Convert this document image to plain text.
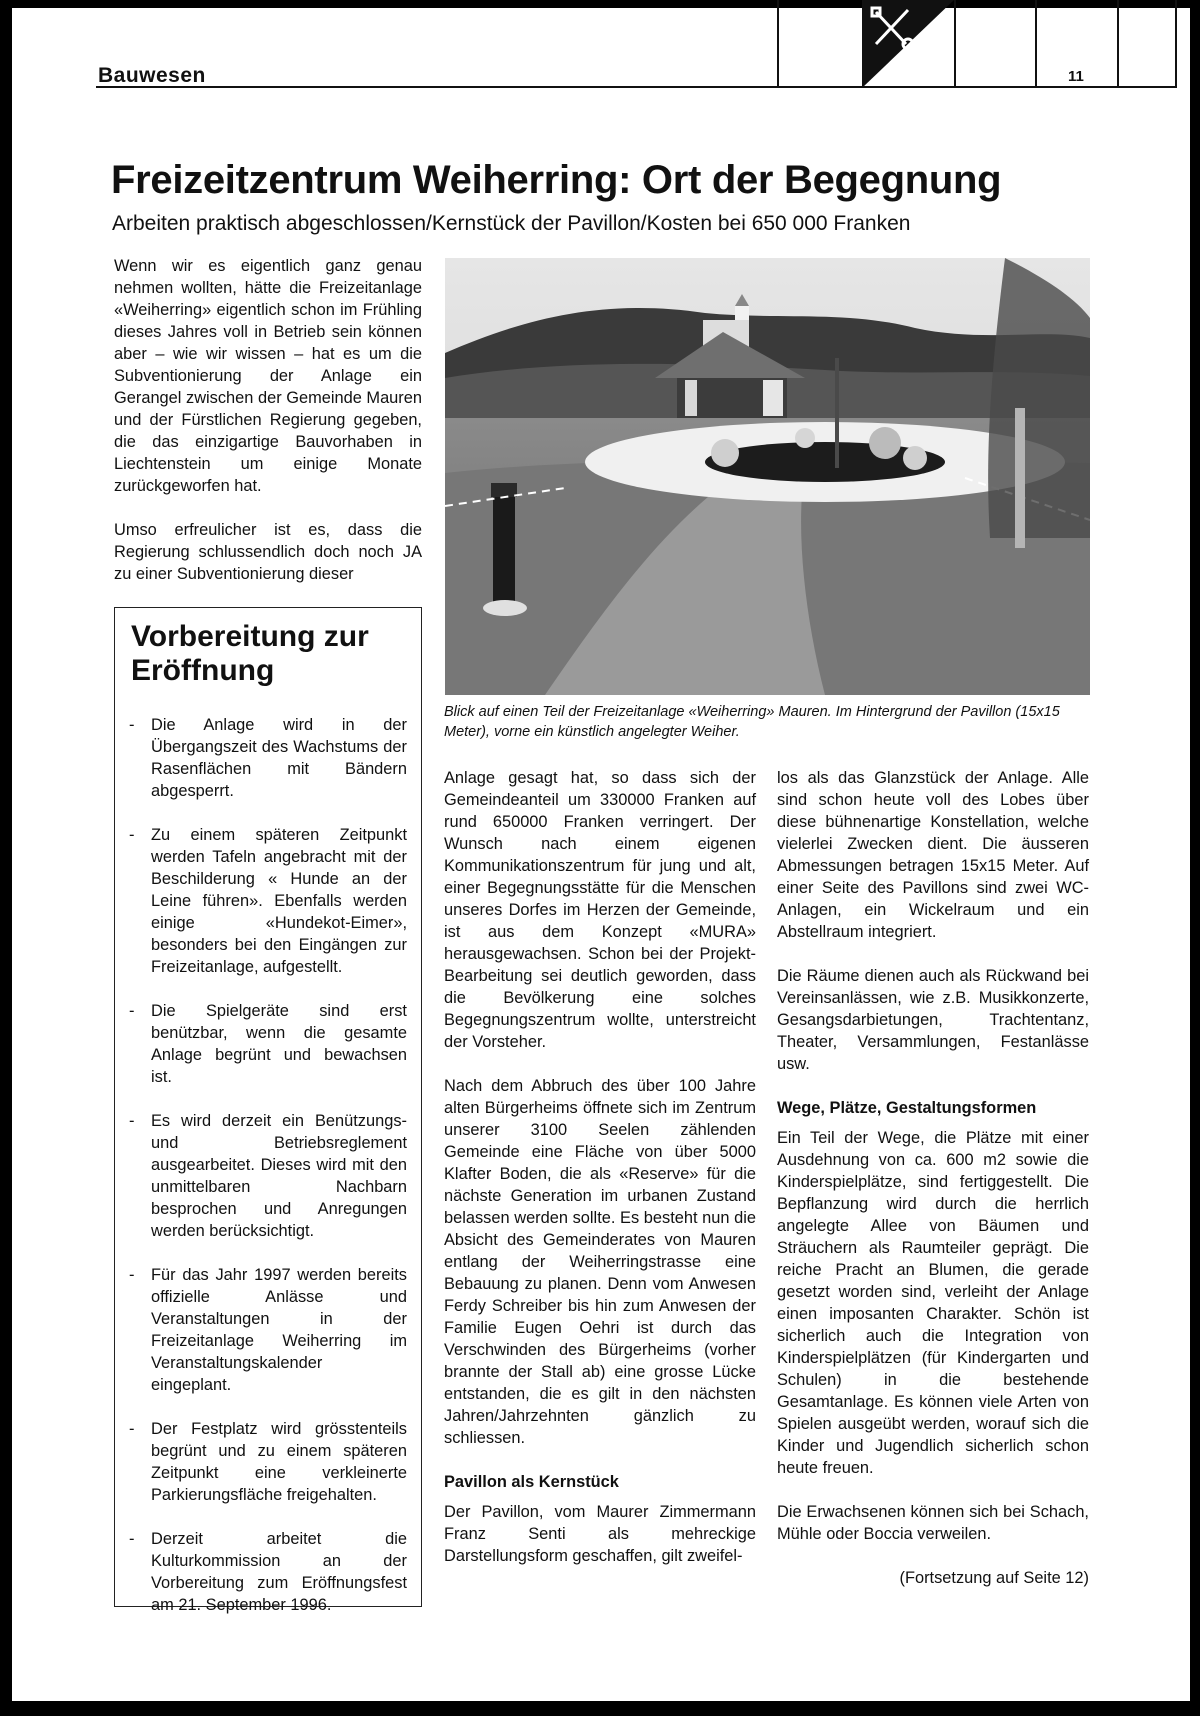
Bauwesen	11
Freizeitzentrum Weiherring: Ort der Begegnung
Arbeiten praktisch abgeschlossen/Kernstück der Pavillon/Kosten bei 650 000 Franken

Wenn wir es eigentlich ganz genau nehmen wollten, hätte die Freizeitanlage «Weiherring» eigentlich schon im Frühling dieses Jahres voll in Betrieb sein können aber – wie wir wissen – hat es um die Subventionierung der Anlage ein Gerangel zwischen der Gemeinde Mauren und der Fürstlichen Regierung gegeben, die das einzigartige Bauvorhaben in Liechtenstein um einige Monate zurückgeworfen hat.

Umso erfreulicher ist es, dass die Regierung schlussendlich doch noch JA zu einer Subventionierung dieser

Vorbereitung zur Eröffnung
- Die Anlage wird in der Übergangszeit des Wachstums der Rasenflächen mit Bändern abgesperrt.
- Zu einem späteren Zeitpunkt werden Tafeln angebracht mit der Beschilderung « Hunde an der Leine führen». Ebenfalls werden einige «Hundekot-Eimer», besonders bei den Eingängen zur Freizeitanlage, aufgestellt.
- Die Spielgeräte sind erst benützbar, wenn die gesamte Anlage begrünt und bewachsen ist.
- Es wird derzeit ein Benützungs- und Betriebsreglement ausgearbeitet. Dieses wird mit den unmittelbaren Nachbarn besprochen und Anregungen werden berücksichtigt.
- Für das Jahr 1997 werden bereits offizielle Anlässe und Veranstaltungen in der Freizeitanlage Weiherring im Veranstaltungskalender eingeplant.
- Der Festplatz wird grösstenteils begrünt und zu einem späteren Zeitpunkt eine verkleinerte Parkierungsfläche freigehalten.
- Derzeit arbeitet die Kulturkommission an der Vorbereitung zum Eröffnungsfest am 21. September 1996.
Blick auf einen Teil der Freizeitanlage «Weiherring» Mauren. Im Hintergrund der Pavillon (15x15 Meter), vorne ein künstlich angelegter Weiher.

Anlage gesagt hat, so dass sich der Gemeindeanteil um 330000 Franken auf rund 650000 Franken verringert. Der Wunsch nach einem eigenen Kommunikationszentrum für jung und alt, einer Begegnungsstätte für die Menschen unseres Dorfes im Herzen der Gemeinde, ist aus dem Konzept «MURA» herausgewachsen. Schon bei der Projekt-Bearbeitung sei deutlich geworden, dass die Bevölkerung eine solches Begegnungszentrum wollte, unterstreicht der Vorsteher.

Nach dem Abbruch des über 100 Jahre alten Bürgerheims öffnete sich im Zentrum unserer 3100 Seelen zählenden Gemeinde eine Fläche von über 5000 Klafter Boden, die als «Reserve» für die nächste Generation im urbanen Zustand belassen werden sollte. Es besteht nun die Absicht des Gemeinderates von Mauren entlang der Weiherringstrasse eine Bebauung zu planen. Denn vom Anwesen Ferdy Schreiber bis hin zum Anwesen der Familie Eugen Oehri ist durch das Verschwinden des Bürgerheims (vorher brannte der Stall ab) eine grosse Lücke entstanden, die es gilt in den nächsten Jahren/Jahrzehnten gänzlich zu schliessen.

Pavillon als Kernstück

Der Pavillon, vom Maurer Zimmermann Franz Senti als mehreckige Darstellungsform geschaffen, gilt zweifel-

los als das Glanzstück der Anlage. Alle sind schon heute voll des Lobes über diese bühnenartige Konstellation, welche vielerlei Zwecken dient. Die äusseren Abmessungen betragen 15x15 Meter. Auf einer Seite des Pavillons sind zwei WC-Anlagen, ein Wickelraum und ein Abstellraum integriert.

Die Räume dienen auch als Rückwand bei Vereinsanlässen, wie z.B. Musikkonzerte, Gesangsdarbietungen, Trachtentanz, Theater, Versammlungen, Festanlässe usw.

Wege, Plätze, Gestaltungsformen

Ein Teil der Wege, die Plätze mit einer Ausdehnung von ca. 600 m2 sowie die Kinderspielplätze, sind fertiggestellt. Die Bepflanzung wird durch die herrlich angelegte Allee von Bäumen und Sträuchern als Raumteiler geprägt. Die reiche Pracht an Blumen, die gerade gesetzt worden sind, verleiht der Anlage einen imposanten Charakter. Schön ist sicherlich auch die Integration von Kinderspielplätzen (für Kindergarten und Schulen) in die bestehende Gesamtanlage. Es können viele Arten von Spielen ausgeübt werden, worauf sich die Kinder und Jugendlich sicherlich schon heute freuen.

Die Erwachsenen können sich bei Schach, Mühle oder Boccia verweilen.

(Fortsetzung auf Seite 12)
